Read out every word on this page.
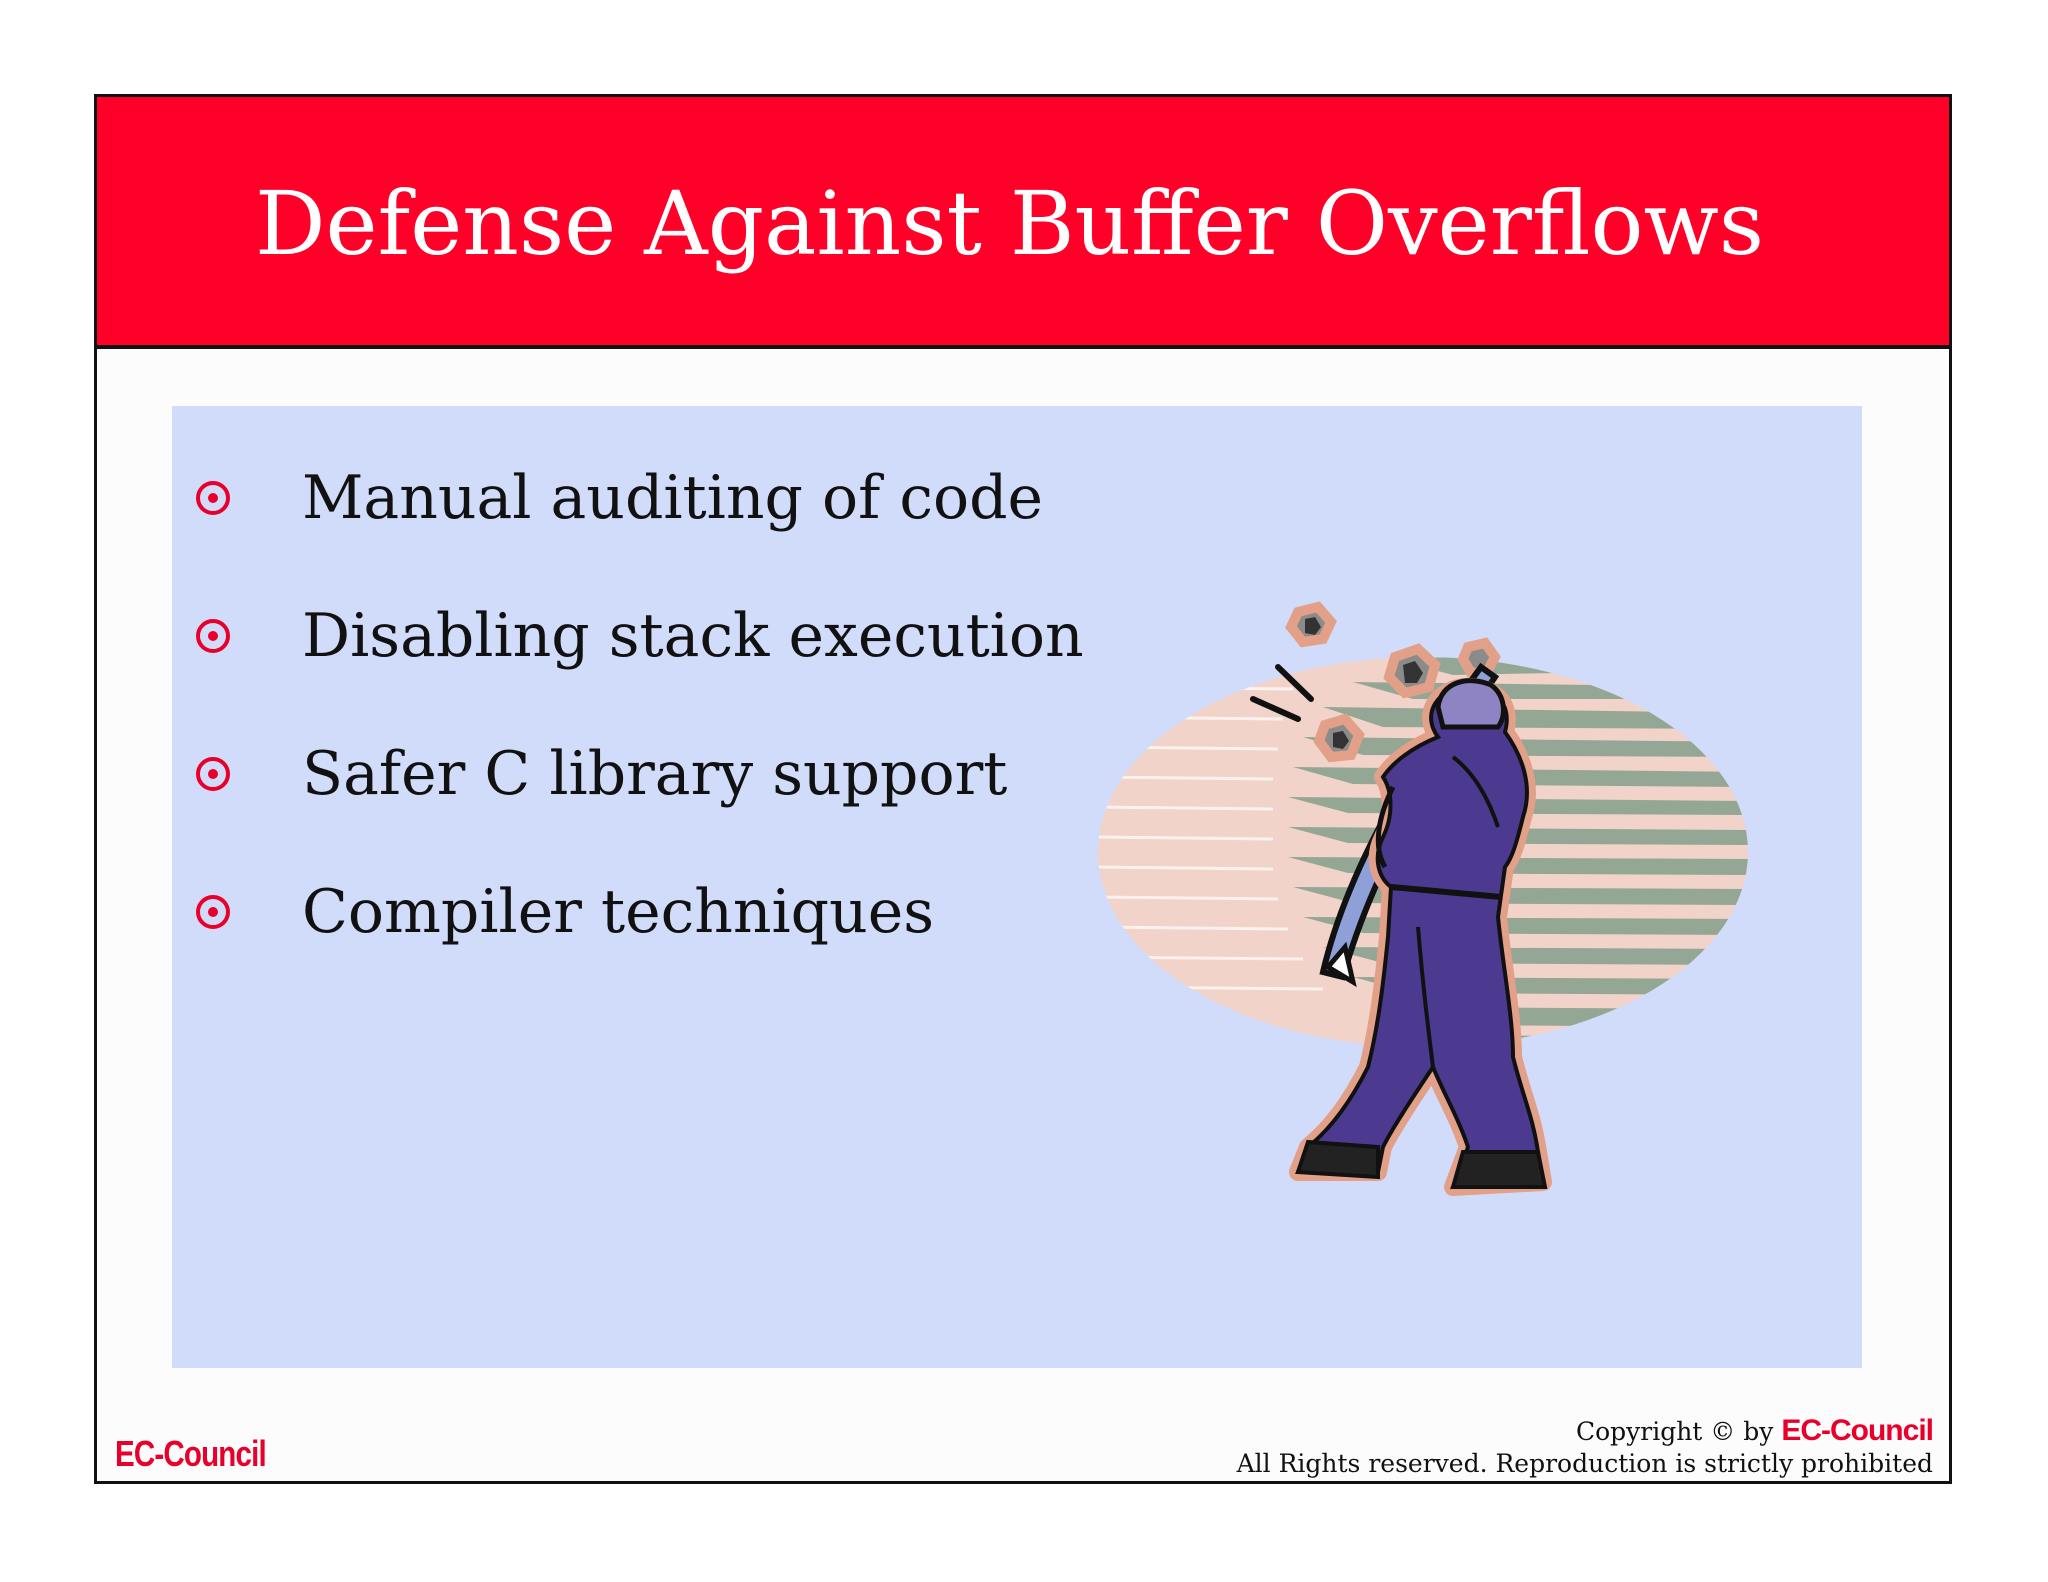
Defense Against Buffer Overflows
Manual auditing of code
Disabling stack execution
Safer C library support
Compiler techniques
EC-Council
Copyright © by EC-Council
All Rights reserved. Reproduction is strictly prohibited
